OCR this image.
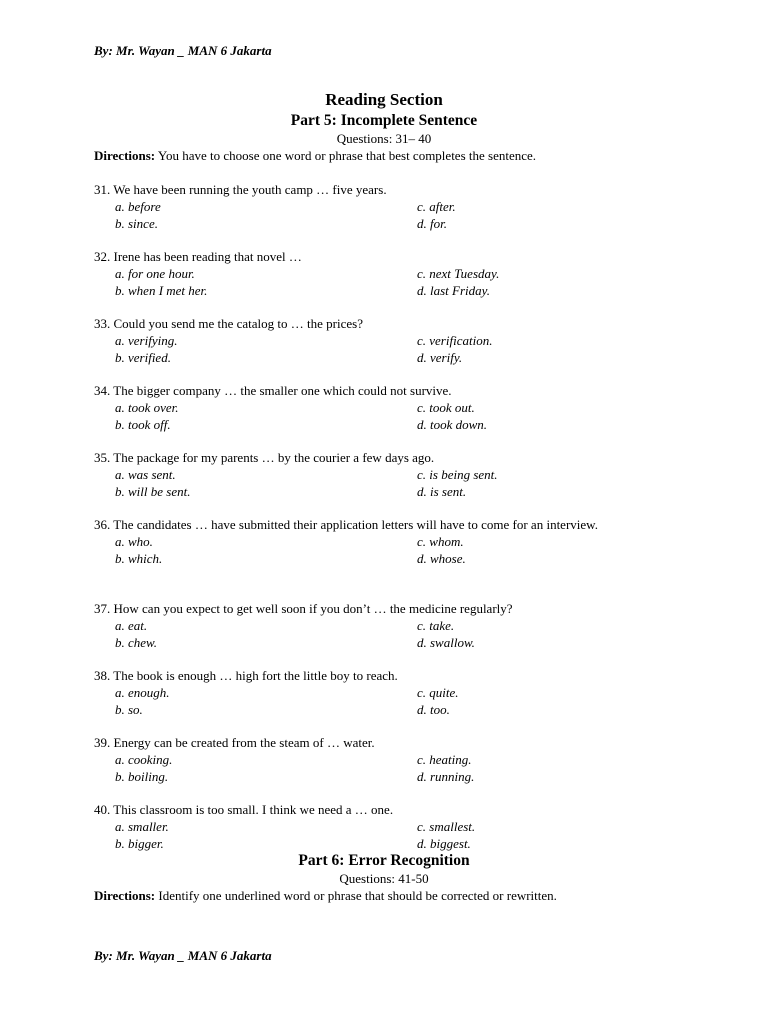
By: Mr. Wayan _ MAN 6 Jakarta
Reading Section
Part 5: Incomplete Sentence
Questions: 31– 40
Directions: You have to choose one word or phrase that best completes the sentence.
31. We have been running the youth camp … five years.
a. before	c. after.
b. since.	d. for.
32. Irene has been reading that novel …
a. for one hour.	c. next Tuesday.
b. when I met her.	d. last Friday.
33. Could you send me the catalog to … the prices?
a. verifying.	c. verification.
b. verified.	d. verify.
34. The bigger company … the smaller one which could not survive.
a. took over.	c. took out.
b. took off.	d. took down.
35. The package for my parents … by the courier a few days ago.
a. was sent.	c. is being sent.
b. will be sent.	d. is sent.
36. The candidates … have submitted their application letters will have to come for an interview.
a. who.	c. whom.
b. which.	d. whose.
37. How can you expect to get well soon if you don’t … the medicine regularly?
a. eat.	c. take.
b. chew.	d. swallow.
38. The book is enough … high fort the little boy to reach.
a. enough.	c. quite.
b. so.	d. too.
39. Energy can be created from the steam of … water.
a. cooking.	c. heating.
b. boiling.	d. running.
40. This classroom is too small. I think we need a … one.
a. smaller.	c. smallest.
b. bigger.	d. biggest.
Part 6: Error Recognition
Questions: 41-50
Directions: Identify one underlined word or phrase that should be corrected or rewritten.
By: Mr. Wayan _ MAN 6 Jakarta
